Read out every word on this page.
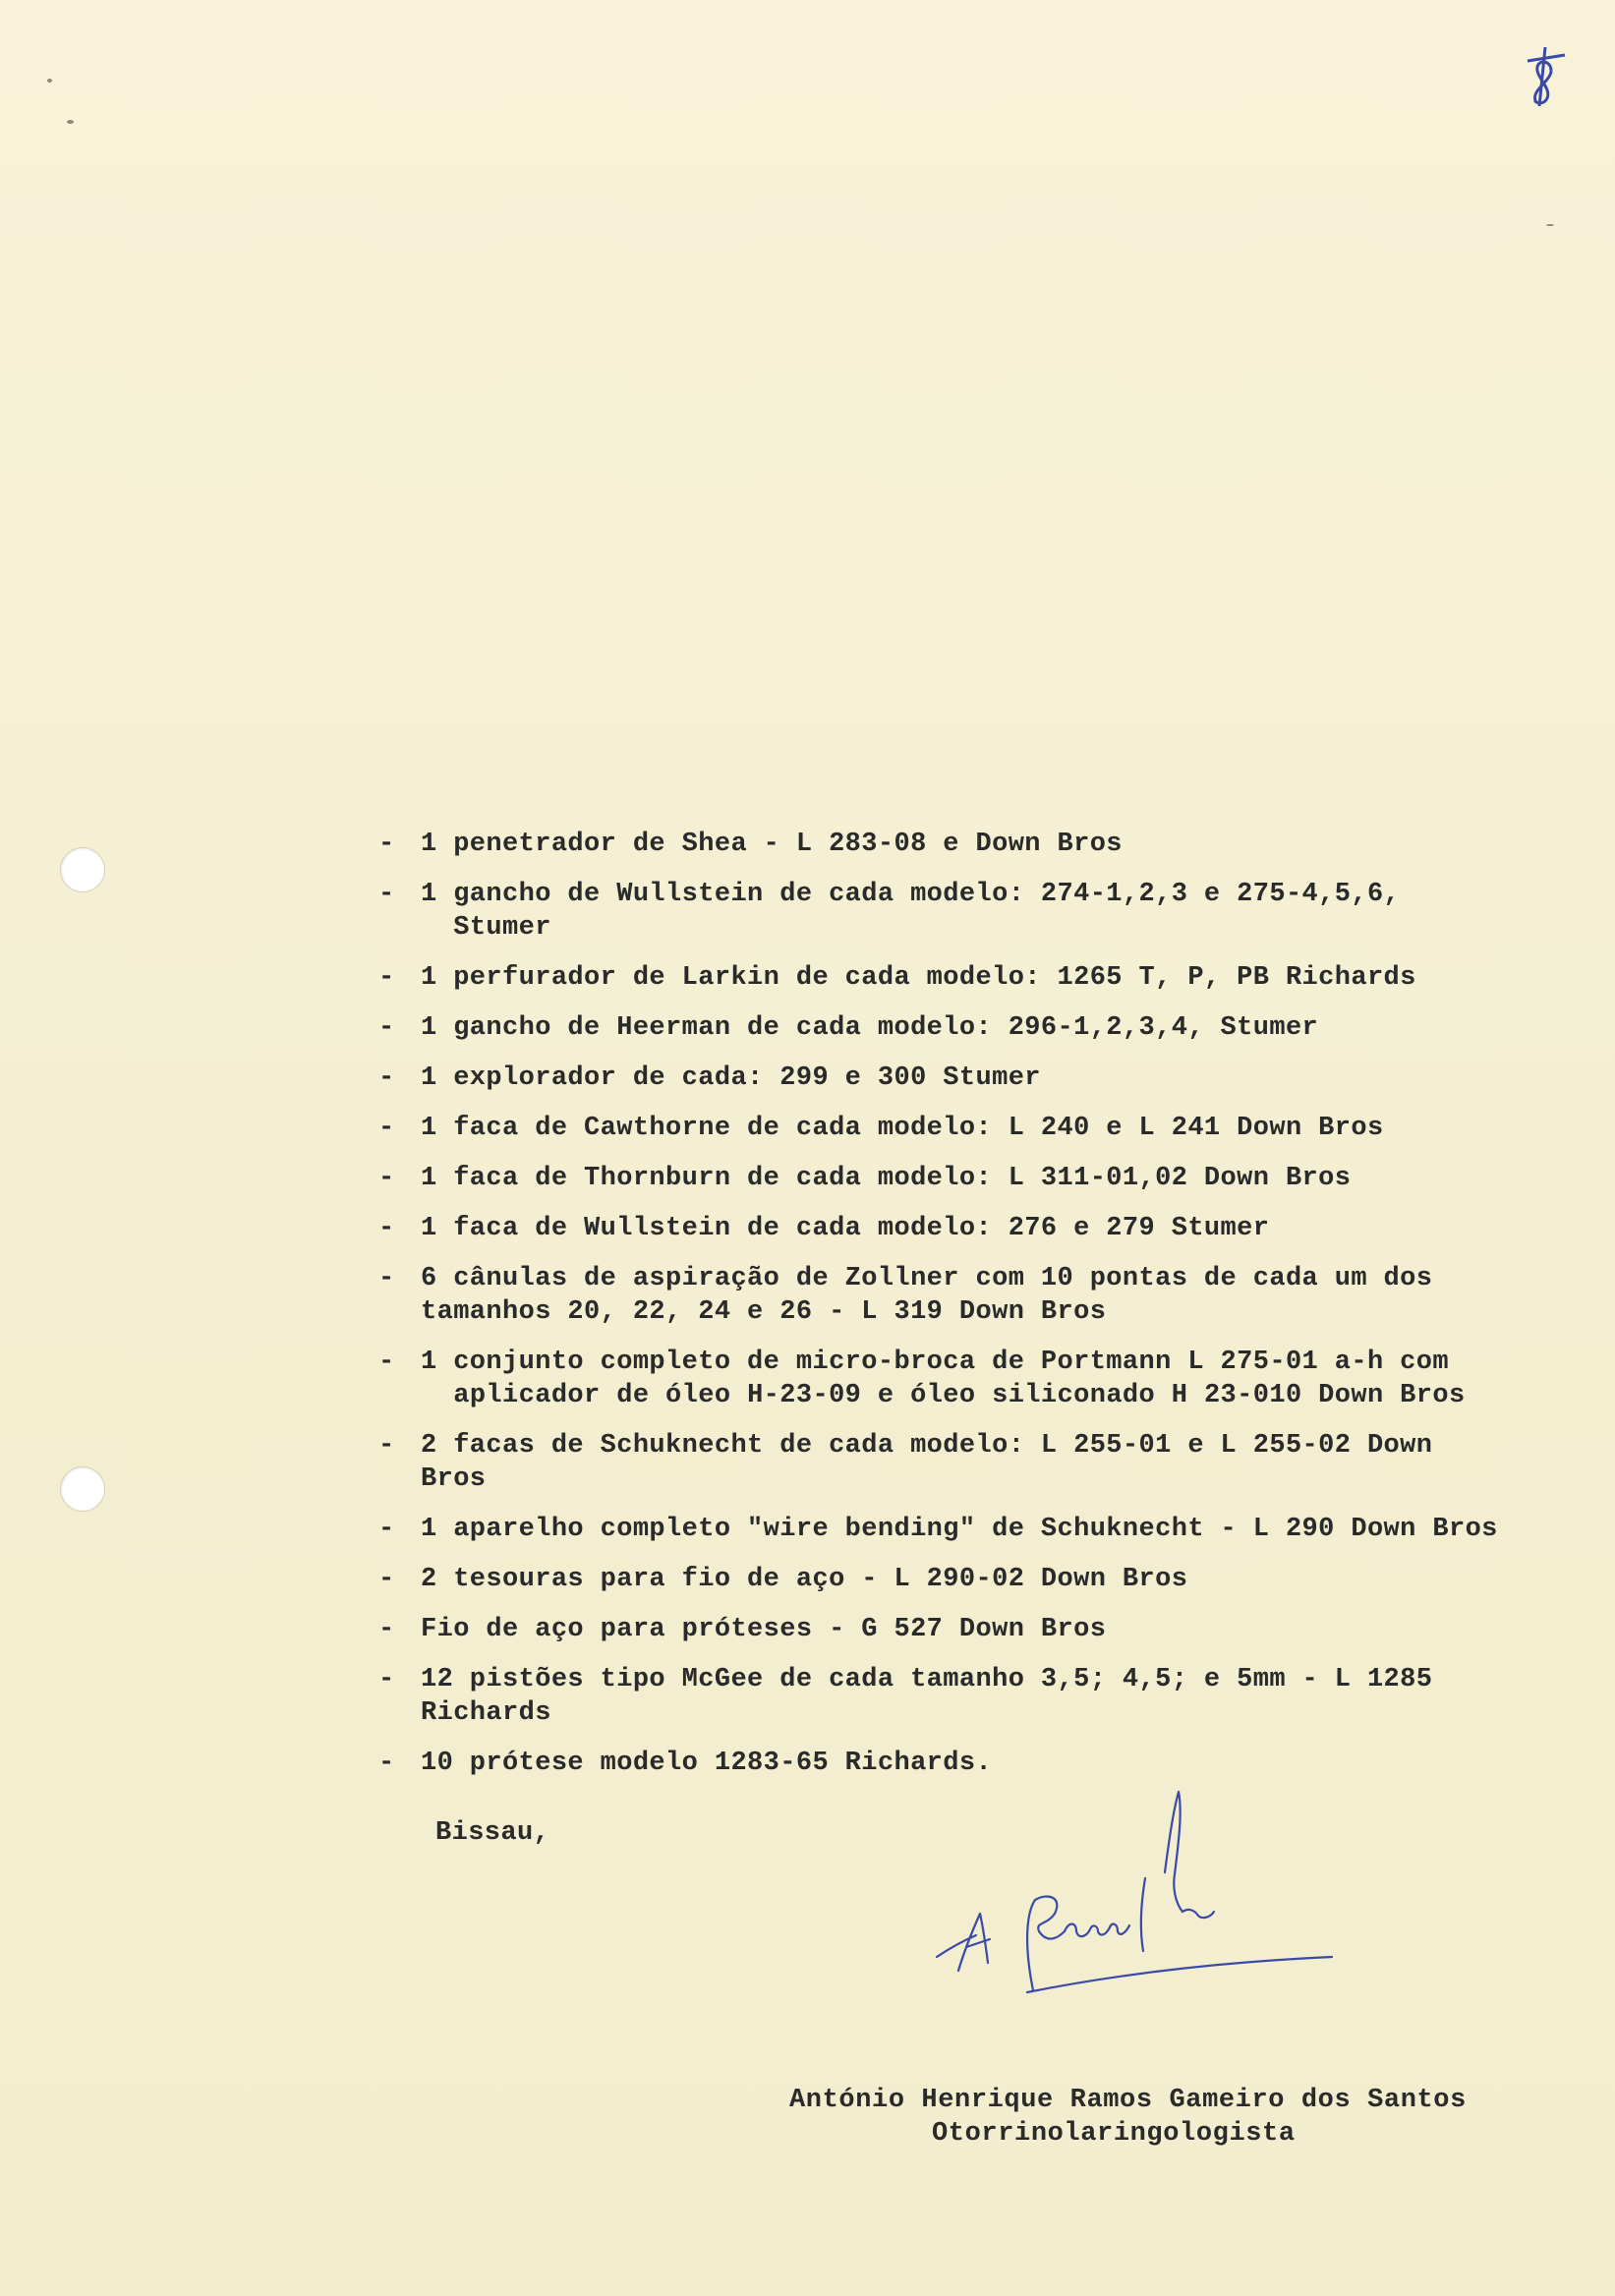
- 1 penetrador de Shea - L 283-08 e Down Bros
- 1 gancho de Wullstein de cada modelo: 274-1,2,3 e 275-4,5,6,
Stumer
- 1 perfurador de Larkin de cada modelo: 1265 T, P, PB Richards
- 1 gancho de Heerman de cada modelo: 296-1,2,3,4, Stumer
- 1 explorador de cada: 299 e 300 Stumer
- 1 faca de Cawthorne de cada modelo: L 240 e L 241 Down Bros
- 1 faca de Thornburn de cada modelo: L 311-01,02 Down Bros
- 1 faca de Wullstein de cada modelo: 276 e 279 Stumer
- 6 cânulas de aspiração de Zollner com 10 pontas de cada um dos
tamanhos 20, 22, 24 e 26 - L 319 Down Bros
- 1 conjunto completo de micro-broca de Portmann L 275-01 a-h com
aplicador de óleo H-23-09 e óleo siliconado H 23-010 Down Bros
- 2 facas de Schuknecht de cada modelo: L 255-01 e L 255-02 Down
Bros
- 1 aparelho completo "wire bending" de Schuknecht - L 290 Down Bros
- 2 tesouras para fio de aço - L 290-02 Down Bros
- Fio de aço para próteses - G 527 Down Bros
- 12 pistões tipo McGee de cada tamanho 3,5; 4,5; e 5mm - L 1285
Richards
- 10 prótese modelo 1283-65 Richards.
Bissau,
António Henrique Ramos Gameiro dos Santos
Otorrinolaringologista
